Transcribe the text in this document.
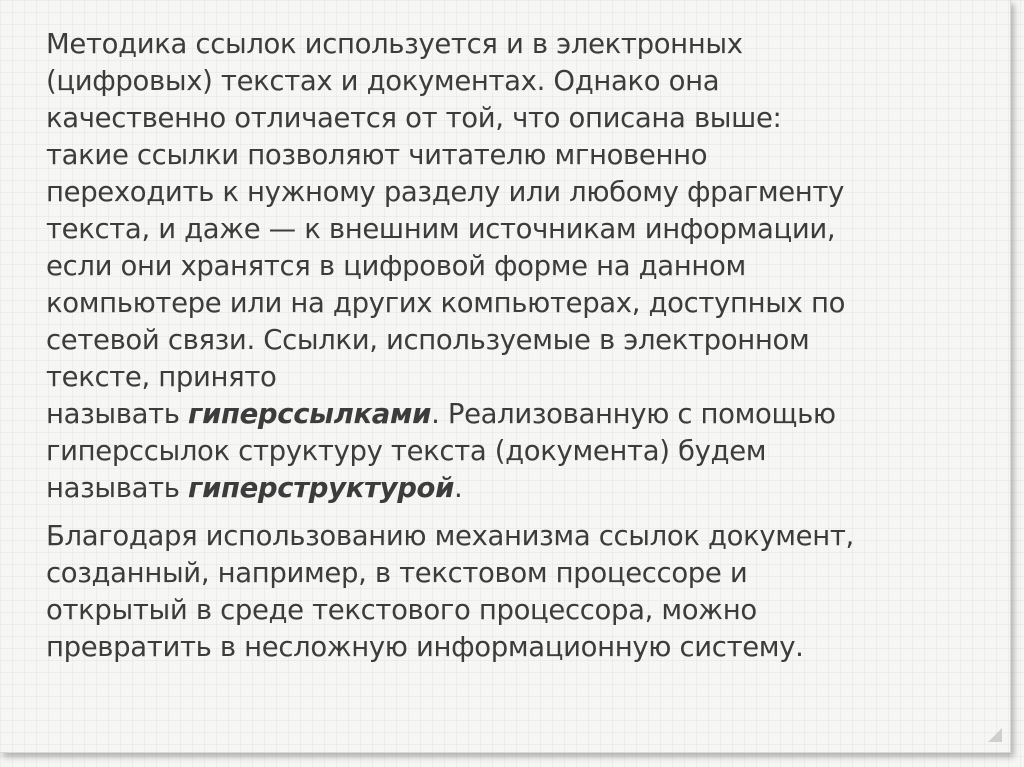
Методика ссылок используется и в электронных
(цифровых) текстах и документах. Однако она
качественно отличается от той, что описана выше:
такие ссылки позволяют читателю мгновенно
переходить к нужному разделу или любому фрагменту
текста, и даже — к внешним источникам информации,
если они хранятся в цифровой форме на данном
компьютере или на других компьютерах, доступных по
сетевой связи. Ссылки, используемые в электронном
тексте, принято
называть гиперссылками. Реализованную с помощью
гиперссылок структуру текста (документа) будем
называть гиперструктурой.

Благодаря использованию механизма ссылок документ,
созданный, например, в текстовом процессоре и
открытый в среде текстового процессора, можно
превратить в несложную информационную систему.
